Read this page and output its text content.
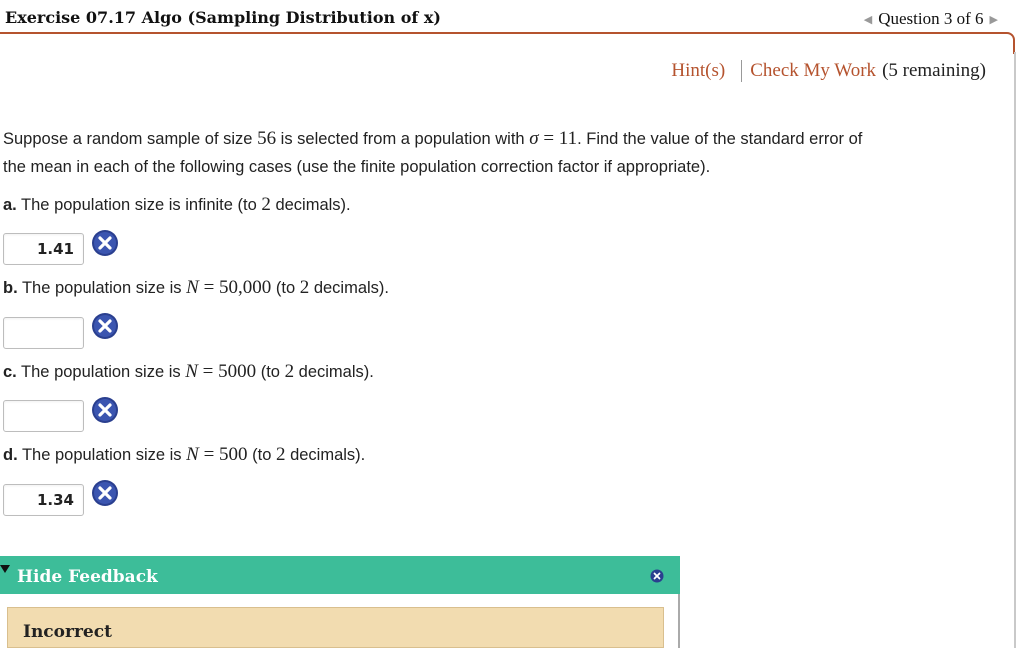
Exercise 07.17 Algo (Sampling Distribution of x)	◀ Question 3 of 6 ▶
Hint(s) Check My Work (5 remaining)
Suppose a random sample of size 56 is selected from a population with σ = 11. Find the value of the standard error of
the mean in each of the following cases (use the finite population correction factor if appropriate).
a. The population size is infinite (to 2 decimals).
1.41
b. The population size is N = 50,000 (to 2 decimals).
c. The population size is N = 5000 (to 2 decimals).
d. The population size is N = 500 (to 2 decimals).
1.34
Hide Feedback
Incorrect
